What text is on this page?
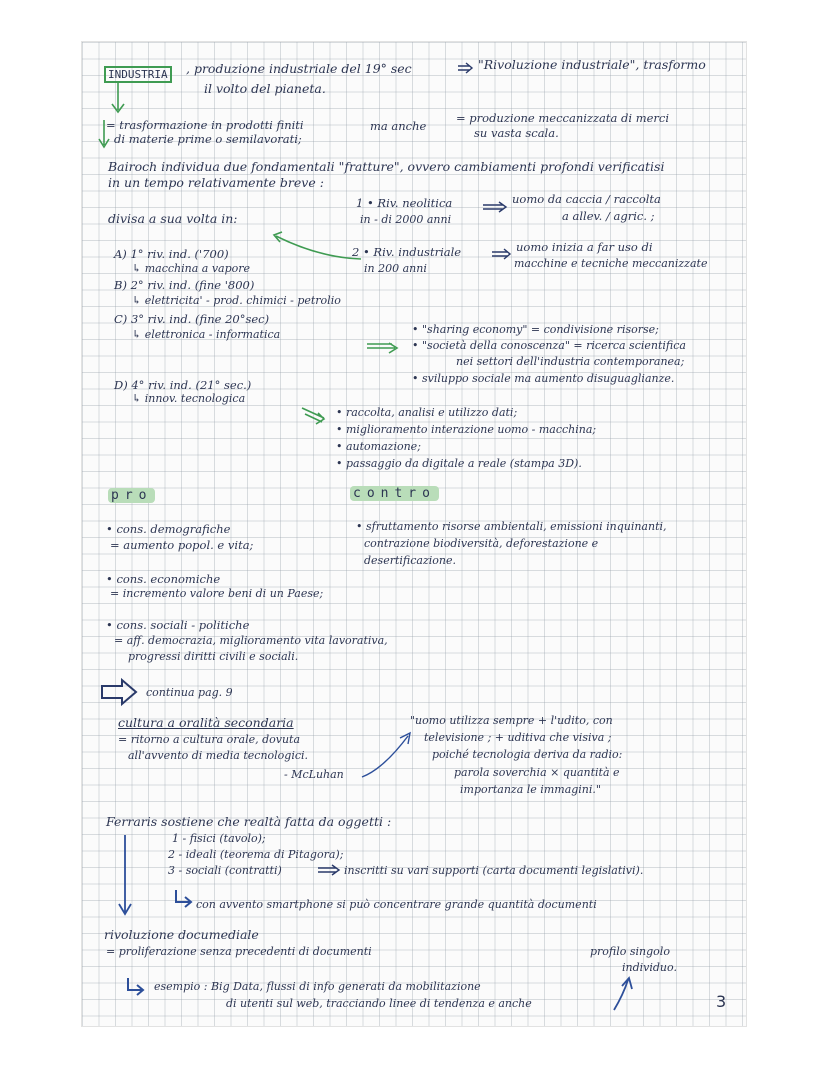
INDUSTRIA	, produzione industriale del 19° sec	"Rivoluzione industriale", trasformo
il volto del pianeta.
= trasformazione in prodotti finiti
di materie prime o semilavorati;
ma anche
= produzione meccanizzata di merci
su vasta scala.
Bairoch individua due fondamentali "fratture", ovvero cambiamenti profondi verificatisi
in un tempo relativamente breve :
1 • Riv. neolitica	uomo da caccia / raccolta
in - di 2000 anni	a allev. / agric. ;
divisa a sua volta in:
2 • Riv. industriale	uomo inizia a far uso di
in 200 anni	macchine e tecniche meccanizzate
A) 1° riv. ind. ('700)
↳ macchina a vapore
B) 2° riv. ind. (fine '800)
↳ elettricita' - prod. chimici - petrolio
C) 3° riv. ind. (fine 20°sec)
↳ elettronica - informatica
D) 4° riv. ind. (21° sec.)
↳ innov. tecnologica
• "sharing economy" = condivisione risorse;
• "società della conoscenza" = ricerca scientifica
nei settori dell'industria contemporanea;
• sviluppo sociale ma aumento disuguaglianze.
• raccolta, analisi e utilizzo dati;
• miglioramento interazione uomo - macchina;
• automazione;
• passaggio da digitale a reale (stampa 3D).
pro	contro
• cons. demografiche
= aumento popol. e vita;
• cons. economiche
= incremento valore beni di un Paese;
• cons. sociali - politiche
= aff. democrazia, miglioramento vita lavorativa,
progressi diritti civili e sociali.
• sfruttamento risorse ambientali, emissioni inquinanti,
contrazione biodiversità, deforestazione e
desertificazione.
continua pag. 9
cultura a oralità secondaria
= ritorno a cultura orale, dovuta
all'avvento di media tecnologici.
- McLuhan
"uomo utilizza sempre + l'udito, con
televisione ; + uditiva che visiva ;
poiché tecnologia deriva da radio:
parola soverchia × quantità e
importanza le immagini."
Ferraris sostiene che realtà fatta da oggetti :
1 - fisici (tavolo);
2 - ideali (teorema di Pitagora);
3 - sociali (contratti)	inscritti su vari supporti (carta documenti legislativi).
con avvento smartphone si può concentrare grande quantità documenti
rivoluzione documediale
= proliferazione senza precedenti di documenti	profilo singolo
individuo.
esempio : Big Data, flussi di info generati da mobilitazione
di utenti sul web, tracciando linee di tendenza e anche	3
